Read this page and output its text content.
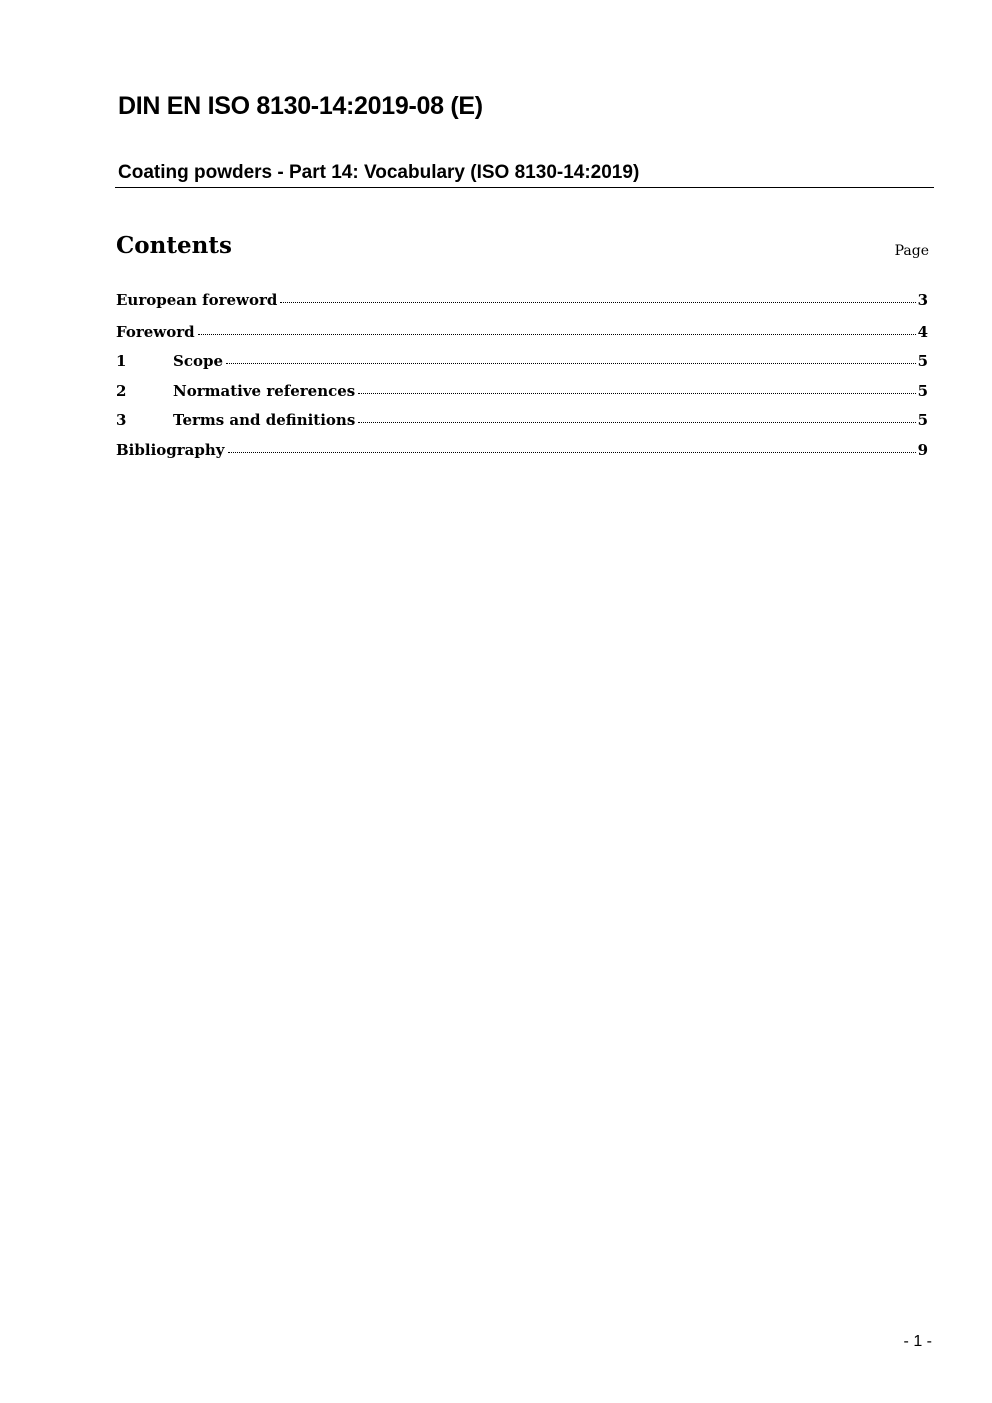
DIN EN ISO 8130-14:2019-08 (E)
Coating powders - Part 14: Vocabulary (ISO 8130-14:2019)
Contents	Page
European foreword	3
Foreword	4
1	Scope	5
2	Normative references	5
3	Terms and definitions	5
Bibliography	9
- 1 -
